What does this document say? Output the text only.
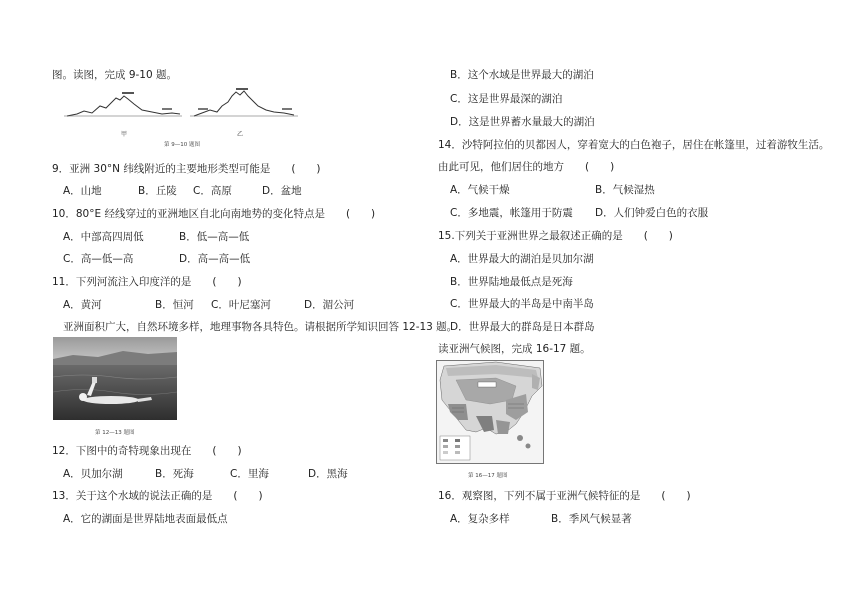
图。读图，完成 9-10 题。
甲	乙
第 9—10 题图
9．亚洲 30°N 纬线附近的主要地形类型可能是　　(　　)
A．山地	B．丘陵 C．高原	D．盆地
10．80°E 经线穿过的亚洲地区自北向南地势的变化特点是　　(　　)
A．中部高四周低	B．低—高—低
C．高—低—高	D．高—高—低
11．下列河流注入印度洋的是　　(　　)
A．黄河	B．恒河 C．叶尼塞河	D．湄公河
亚洲面积广大，自然环境多样，地理事物各具特色。请根据所学知识回答 12-13 题。
第 12—13 题图
12．下图中的奇特现象出现在　　(　　)
A．贝加尔湖	B．死海	C．里海	D．黑海
13．关于这个水域的说法正确的是　　(　　)
A．它的湖面是世界陆地表面最低点
B．这个水域是世界最大的湖泊
C．这是世界最深的湖泊
D．这是世界蓄水量最大的湖泊
14．沙特阿拉伯的贝都因人，穿着宽大的白色袍子，居住在帐篷里，过着游牧生活。
由此可见，他们居住的地方　　(　　)
A．气候干燥	B．气候湿热
C．多地震，帐篷用于防震 D．人们钟爱白色的衣服
15.下列关于亚洲世界之最叙述正确的是　　(　　)
A．世界最大的湖泊是贝加尔湖
B．世界陆地最低点是死海
C．世界最大的半岛是中南半岛
D．世界最大的群岛是日本群岛
读亚洲气候图，完成 16-17 题。
第 16—17 题图
16．观察图，下列不属于亚洲气候特征的是　　(　　)
A．复杂多样	B．季风气候显著
